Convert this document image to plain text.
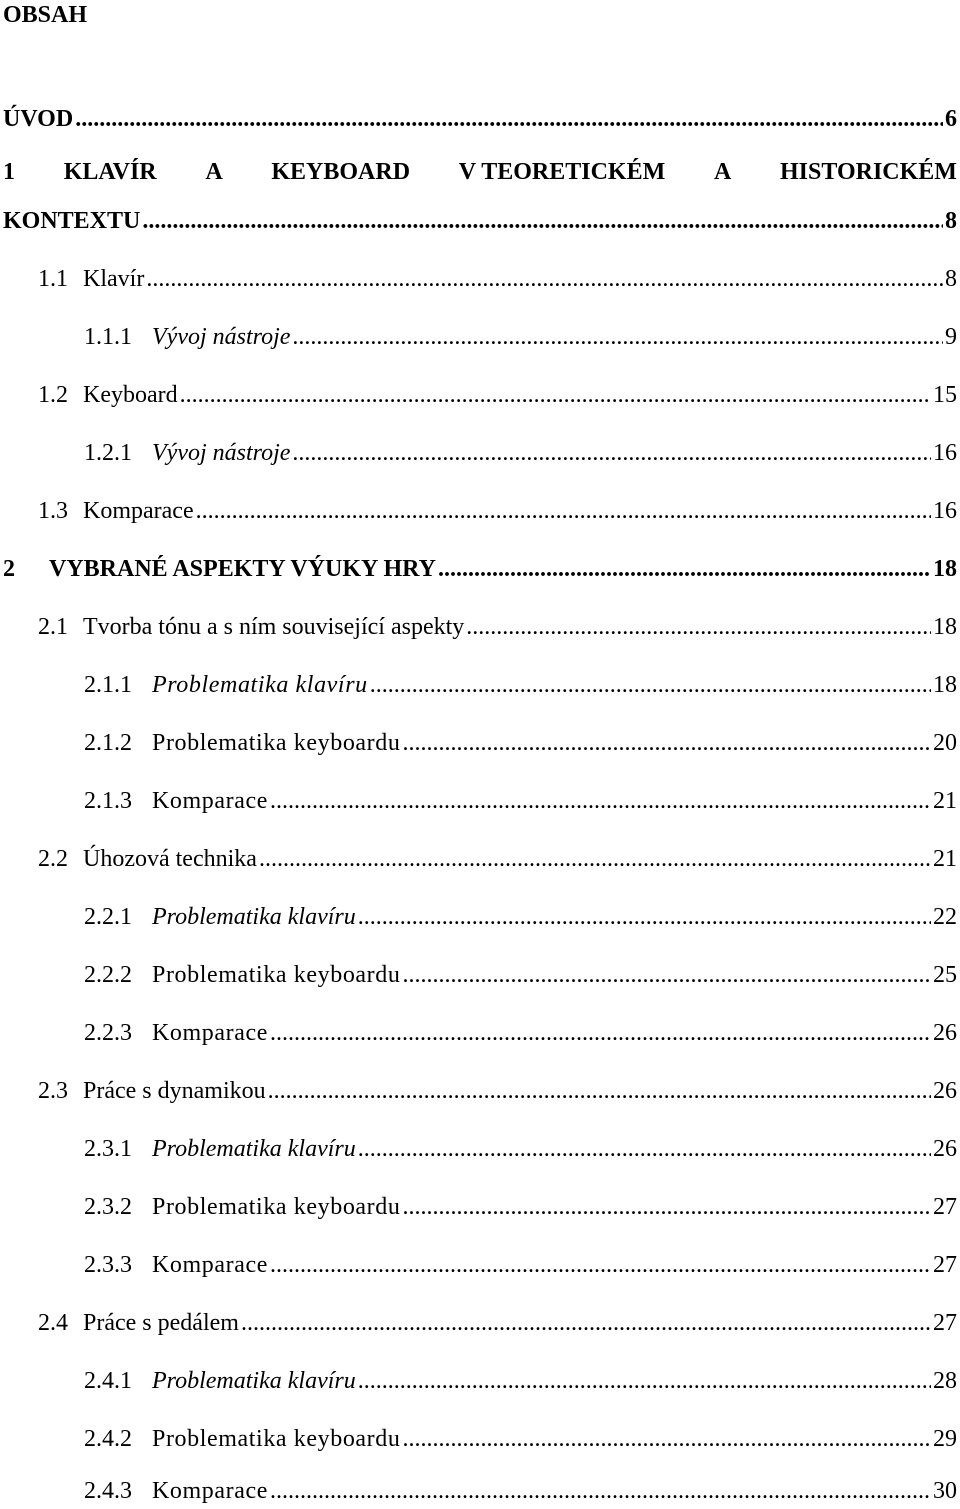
OBSAH
ÚVOD .....	6
1 KLAVÍR A KEYBOARD V TEORETICKÉM A HISTORICKÉM
KONTEXTU .....	8
1.1 Klavír .....	8
1.1.1 Vývoj nástroje .....	9
1.2 Keyboard .....	15
1.2.1 Vývoj nástroje .....	16
1.3 Komparace .....	16
2	VYBRANÉ ASPEKTY VÝUKY HRY .....	18
2.1 Tvorba tónu a s ním související aspekty .....	18
2.1.1 Problematika klavíru .....	18
2.1.2 Problematika keyboardu .....	20
2.1.3 Komparace .....	21
2.2 Úhozová technika .....	21
2.2.1 Problematika klavíru .....	22
2.2.2 Problematika keyboardu .....	25
2.2.3 Komparace .....	26
2.3 Práce s dynamikou .....	26
2.3.1 Problematika klavíru .....	26
2.3.2 Problematika keyboardu .....	27
2.3.3 Komparace .....	27
2.4 Práce s pedálem .....	27
2.4.1 Problematika klavíru .....	28
2.4.2 Problematika keyboardu .....	29
2.4.3 Komparace .....	30
